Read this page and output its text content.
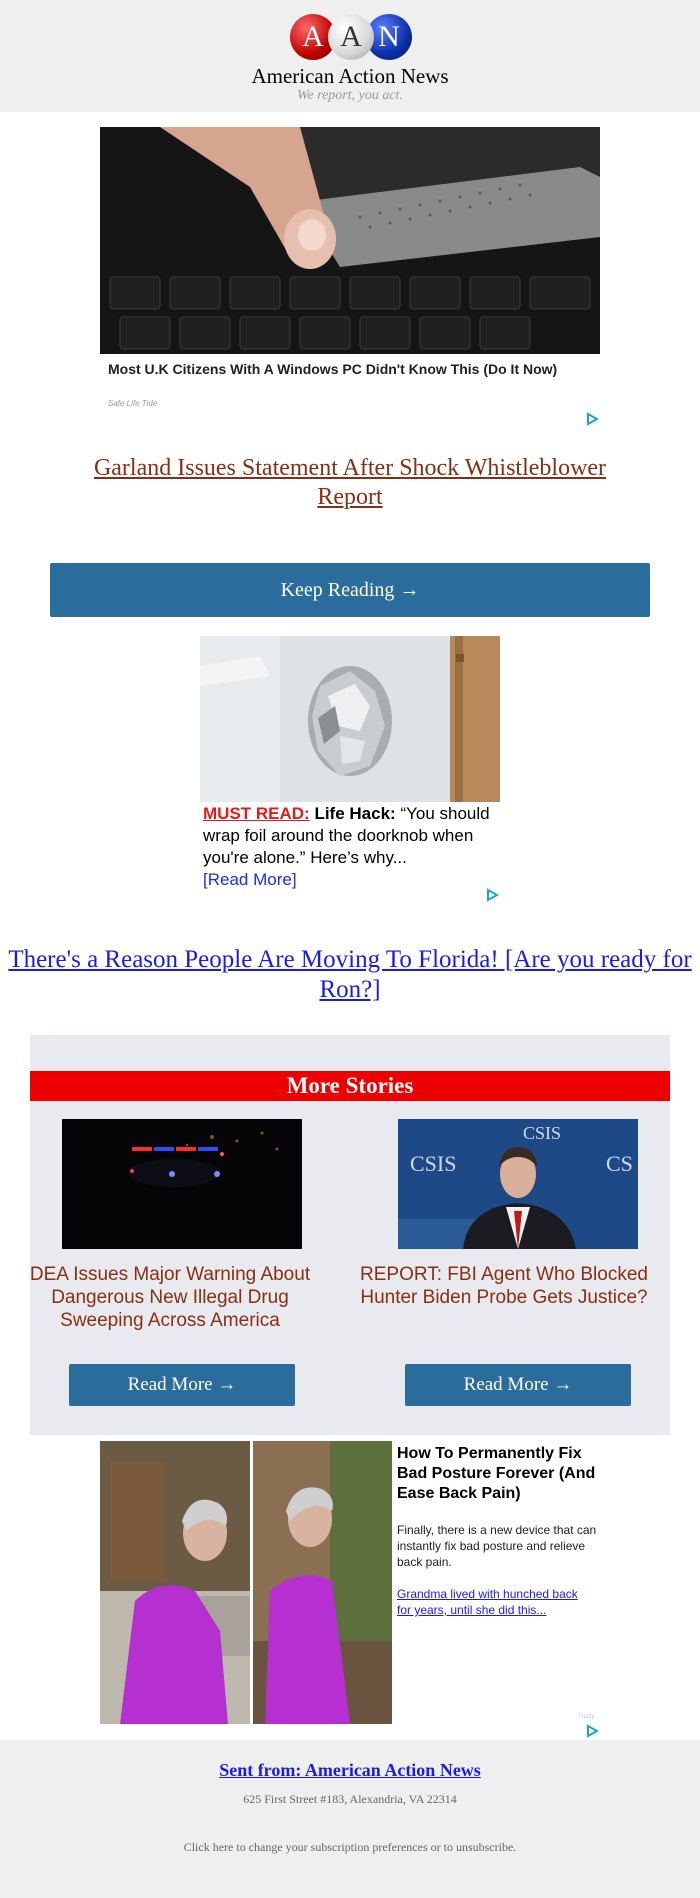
A A N
American Action News
We report, you act.
Most U.K Citizens With A Windows PC Didn't Know This (Do It Now)
Safe Life Tide
Garland Issues Statement After Shock Whistleblower Report
Keep Reading →
MUST READ: Life Hack: “You should wrap foil around the doorknob when you're alone.” Here’s why...
[Read More]
There's a Reason People Are Moving To Florida! [Are you ready for Ron?]
More Stories
DEA Issues Major Warning About Dangerous New Illegal Drug Sweeping Across America
Read More →
CSIS
CSIS
CS
REPORT: FBI Agent Who Blocked Hunter Biden Probe Gets Justice?
Read More →
How To Permanently Fix Bad Posture Forever (And Ease Back Pain)
Finally, there is a new device that can instantly fix bad posture and relieve back pain.
Grandma lived with hunched back for years, until she did this...
Trusty
Sent from: American Action News
625 First Street #183, Alexandria, VA 22314
Click here to change your subscription preferences or to unsubscribe.
